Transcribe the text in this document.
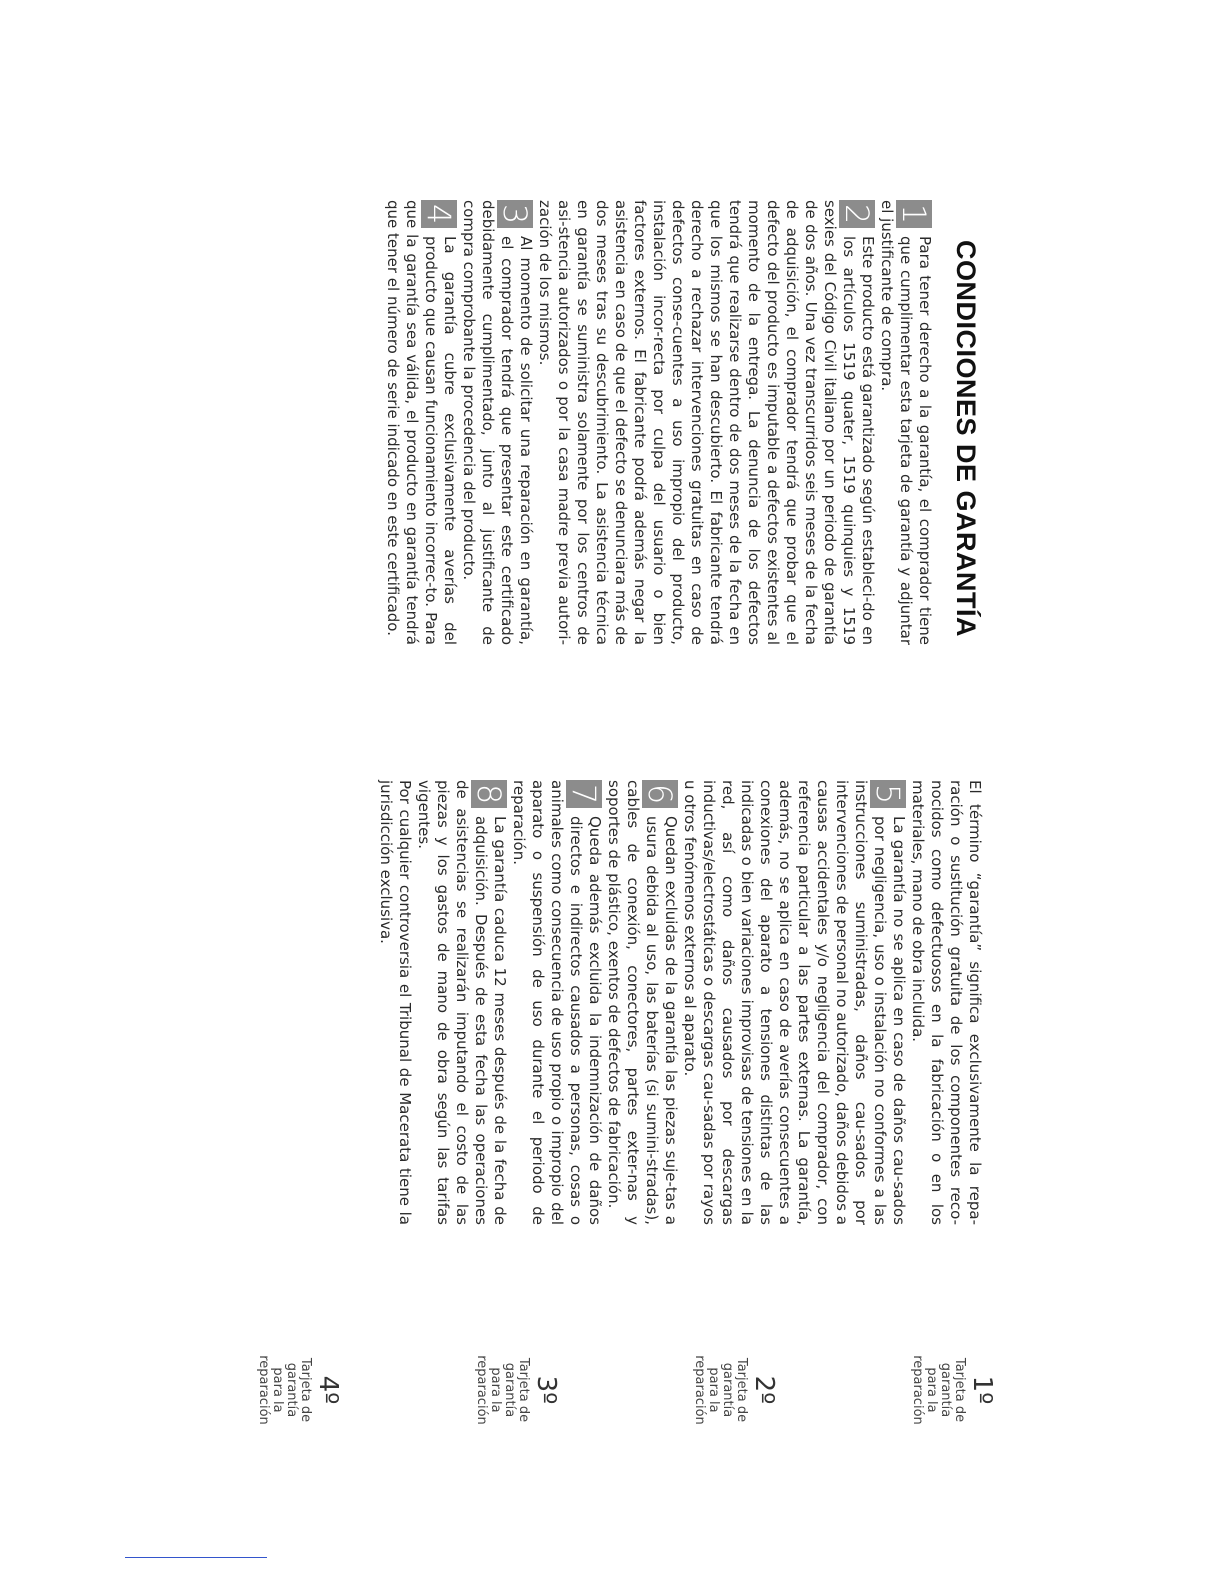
CONDICIONES DE GARANTÍA

1
Para tener derecho a la garantía, el comprador tiene que cumplimentar esta tarjeta de garantía y adjuntar el justificante de compra.

2
Este producto está garantizado según estableci-do en los artículos 1519 quater, 1519 quinquies y 1519 sexies del Código Civil italiano por un periodo de garantía de dos años. Una vez transcurridos seis meses de la fecha de adquisición, el comprador tendrá que probar que el defecto del producto es imputable a defectos existentes al momento de la entrega. La denuncia de los defectos tendrá que realizarse dentro de dos meses de la fecha en que los mismos se han descubierto. El fabricante tendrá derecho a rechazar intervenciones gratuitas en caso de defectos conse-cuentes a uso impropio del producto, instalación incor-recta por culpa del usuario o bien factores externos. El fabricante podrá además negar la asistencia en caso de que el defecto se denunciara más de dos meses tras su descubrimiento. La asistencia técnica en garantía se suministra solamente por los centros de asi-stencia autorizados o por la casa madre previa autori-zación de los mismos.

3
Al momento de solicitar una reparación en garantía, el comprador tendrá que presentar este certificado debidamente cumplimentado, junto al justificante de compra comprobante la procedencia del producto.

4
La garantía cubre exclusivamente averías del producto que causan funcionamiento incorrec-to. Para que la garantía sea válida, el producto en garantía tendrá que tener el número de serie indicado en este certificado.

El término “garantía” significa exclusivamente la repa-ración o sustitución gratuita de los componentes reco-nocidos como defectuosos en la fabricación o en los materiales, mano de obra incluida.

5
La garantía no se aplica en caso de daños cau-sados por negligencia, uso o instalación no conformes a las instrucciones suministradas, daños cau-sados por intervenciones de personal no autorizado, daños debidos a causas accidentales y/o negligencia del comprador, con referencia particular a las partes externas. La garantía, además, no se aplica en caso de averías consecuentes a conexiones del aparato a tensiones distintas de las indicadas o bien variaciones improvisas de tensiones en la red, así como daños causados por descargas inductivas/electrostáticas o descargas cau-sadas por rayos u otros fenómenos externos al aparato.

6
Quedan excluidas de la garantía las piezas suje-tas a usura debida al uso, las baterías (si sumini-stradas), cables de conexión, conectores, partes exter-nas y soportes de plástico, exentos de defectos de fabricación.

7
Queda además excluida la indemnización de daños directos e indirectos causados a personas, cosas o animales como consecuencia de uso propio o impropio del aparato o suspensión de uso durante el periodo de reparación.

8
La garantía caduca 12 meses después de la fecha de adquisición. Después de esta fecha las operaciones de asistencias se realizarán imputando el costo de las piezas y los gastos de mano de obra según las tarifas vigentes.

Por cualquier controversia el Tribunal de Macerata tiene la jurisdicción exclusiva.

1º
Tarjeta de
garantía
para la
reparación
2º
Tarjeta de
garantía
para la
reparación
3º
Tarjeta de
garantía
para la
reparación
4º
Tarjeta de
garantía
para la
reparación
